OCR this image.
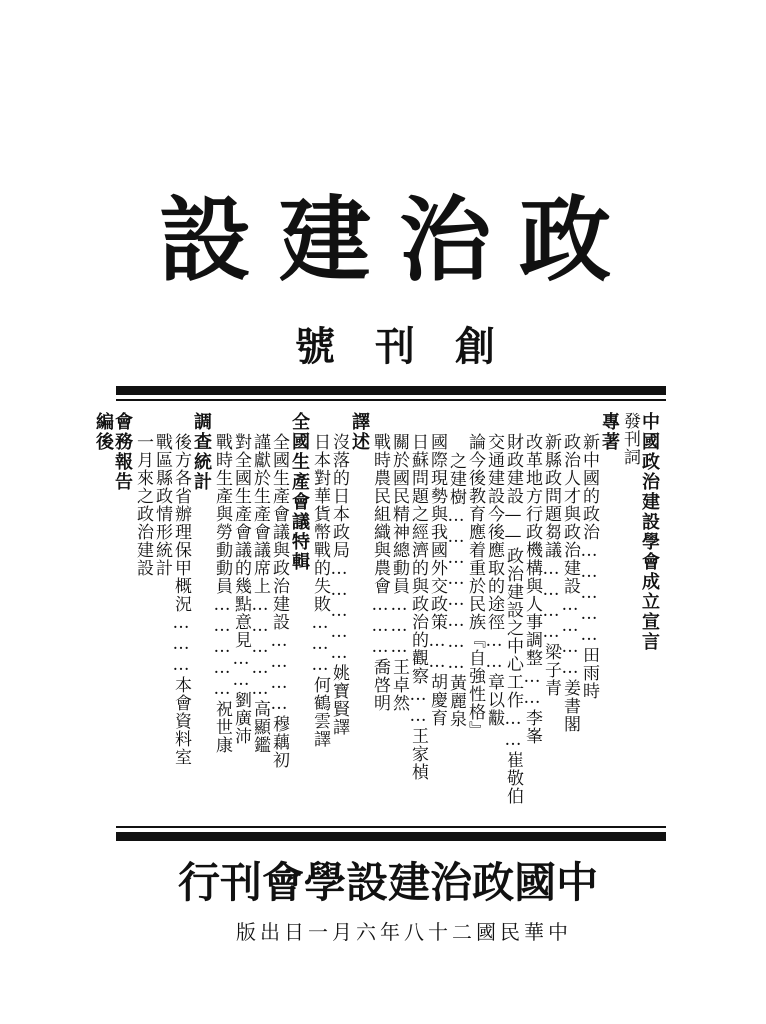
設 建 治 政
號 刊 創
中國政治建設學會成立宣言
發刊詞
專著
新中國的政治……………田雨時
政治人才與政治建設…………姜書閣
新縣政問題芻議…………梁子青
改革地方行政機構與人事調整……李峯
財政建設——政治建設之中心工作……崔敬伯
交通建設今後應取的途徑……章以黻
論今後教育應着重於民族『自強性格』
之建樹……………………黃麗泉
國際現勢與我國外交政策……胡慶育
日蘇問題之經濟的與政治的觀察……王家楨
關於國民精神總動員………王卓然
戰時農民組織與農會………喬啓明
譯述
沒落的日本政局……………姚寶賢譯
日本對華貨幣戰的失敗………何鶴雲譯
全國生產會議特輯
全國生產會議與政治建設…………穆藕初
謹獻於生產會議席上……………高顯鑑
對全國生產會議的幾點意見……劉廣沛
戰時生產與勞動動員……………祝世康
調查統計
後方各省辦理保甲概況………本會資料室
戰區縣政情形統計
一月來之政治建設
會務報告
編後
行 刊 會 學 設 建 治 政 國 中
版出日一月六年八十二國民華中
